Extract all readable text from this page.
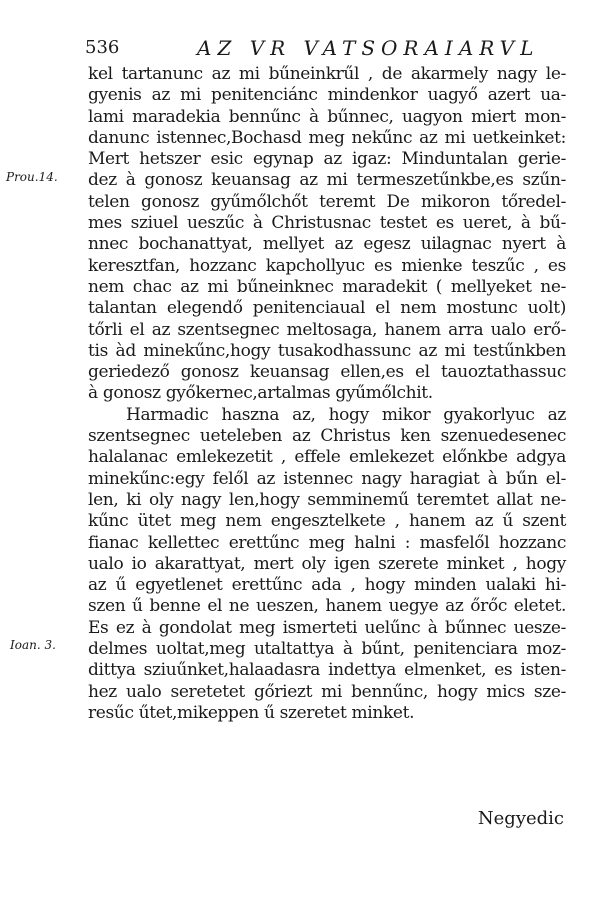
536	AZ VR VATSORAIARVL
Prou.14.
Ioan. 3.
kel tartanunc az mi bűneinkrűl , de akarmely nagy le-
gyenis az mi penitenciánc mindenkor uagyő azert ua-
lami maradekia bennűnc à bűnnec, uagyon miert mon-
danunc istennec,Bochasd meg nekűnc az mi uetkeinket:
Mert hetszer esic egynap az igaz: Minduntalan gerie-
dez à gonosz keuansag az mi termeszetűnkbe,es szűn-
telen gonosz gyűmőlchőt teremt De mikoron tőredel-
mes sziuel ueszűc à Christusnac testet es ueret, à bű-
nnec bochanattyat, mellyet az egesz uilagnac nyert à
keresztfan, hozzanc kapchollyuc es mienke teszűc , es
nem chac az mi bűneinknec maradekit ( mellyeket ne-
talantan elegendő penitenciaual el nem mostunc uolt)
tőrli el az szentsegnec meltosaga, hanem arra ualo erő-
tis àd minekűnc,hogy tusakodhassunc az mi testűnkben
geriedező gonosz keuansag ellen,es el tauoztathassuc
à gonosz győkernec,artalmas gyűmőlchit.
Harmadic haszna az, hogy mikor gyakorlyuc az
szentsegnec ueteleben az Christus ken szenuedesenec
halalanac emlekezetit , effele emlekezet előnkbe adgya
minekűnc:egy felől az istennec nagy haragiat à bűn el-
len, ki oly nagy len,hogy semminemű teremtet allat ne-
kűnc ütet meg nem engesztelkete , hanem az ű szent
fianac kellettec erettűnc meg halni : masfelől hozzanc
ualo io akarattyat, mert oly igen szerete minket , hogy
az ű egyetlenet erettűnc ada , hogy minden ualaki hi-
szen ű benne el ne ueszen, hanem uegye az őrőc eletet.
Es ez à gondolat meg ismerteti uelűnc à bűnnec uesze-
delmes uoltat,meg utaltattya à bűnt, penitenciara moz-
dittya sziuűnket,halaadasra indettya elmenket, es isten-
hez ualo seretetet gőriezt mi bennűnc, hogy mics sze-
resűc űtet,mikeppen ű szeretet minket.
Negyedic
